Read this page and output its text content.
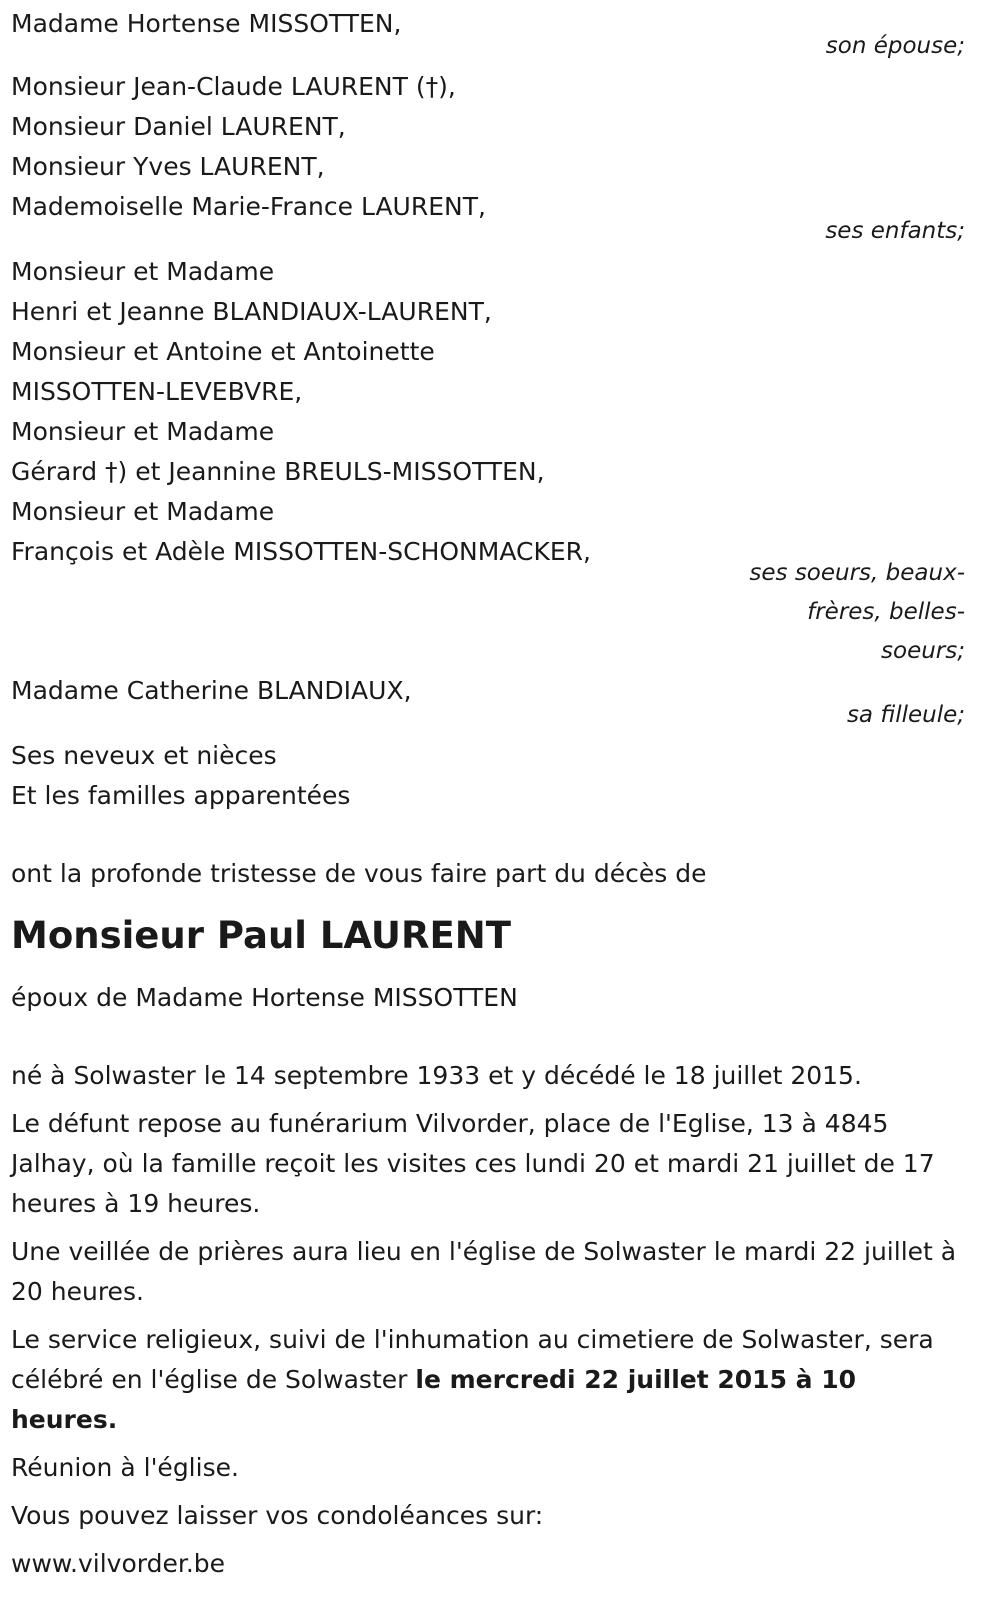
Madame Hortense MISSOTTEN,
son épouse;
Monsieur Jean-Claude LAURENT (†),
Monsieur Daniel LAURENT,
Monsieur Yves LAURENT,
Mademoiselle Marie-France LAURENT,
ses enfants;
Monsieur et Madame
Henri et Jeanne BLANDIAUX-LAURENT,
Monsieur et Antoine et Antoinette
MISSOTTEN-LEVEBVRE,
Monsieur et Madame
Gérard †) et Jeannine BREULS-MISSOTTEN,
Monsieur et Madame
François et Adèle MISSOTTEN-SCHONMACKER,
ses soeurs, beaux-frères, belles-soeurs;
Madame Catherine BLANDIAUX,
sa filleule;
Ses neveux et nièces
Et les familles apparentées
ont la profonde tristesse de vous faire part du décès de
Monsieur Paul LAURENT
époux de Madame Hortense MISSOTTEN
né à Solwaster le 14 septembre 1933 et y décédé le 18 juillet 2015.
Le défunt repose au funérarium Vilvorder, place de l'Eglise, 13 à 4845 Jalhay, où la famille reçoit les visites ces lundi 20 et mardi 21 juillet de 17 heures à 19 heures.
Une veillée de prières aura lieu en l'église de Solwaster le mardi 22 juillet à 20 heures.
Le service religieux, suivi de l'inhumation au cimetiere de Solwaster, sera célébré en l'église de Solwaster le mercredi 22 juillet 2015 à 10 heures.
Réunion à l'église.
Vous pouvez laisser vos condoléances sur:
www.vilvorder.be
